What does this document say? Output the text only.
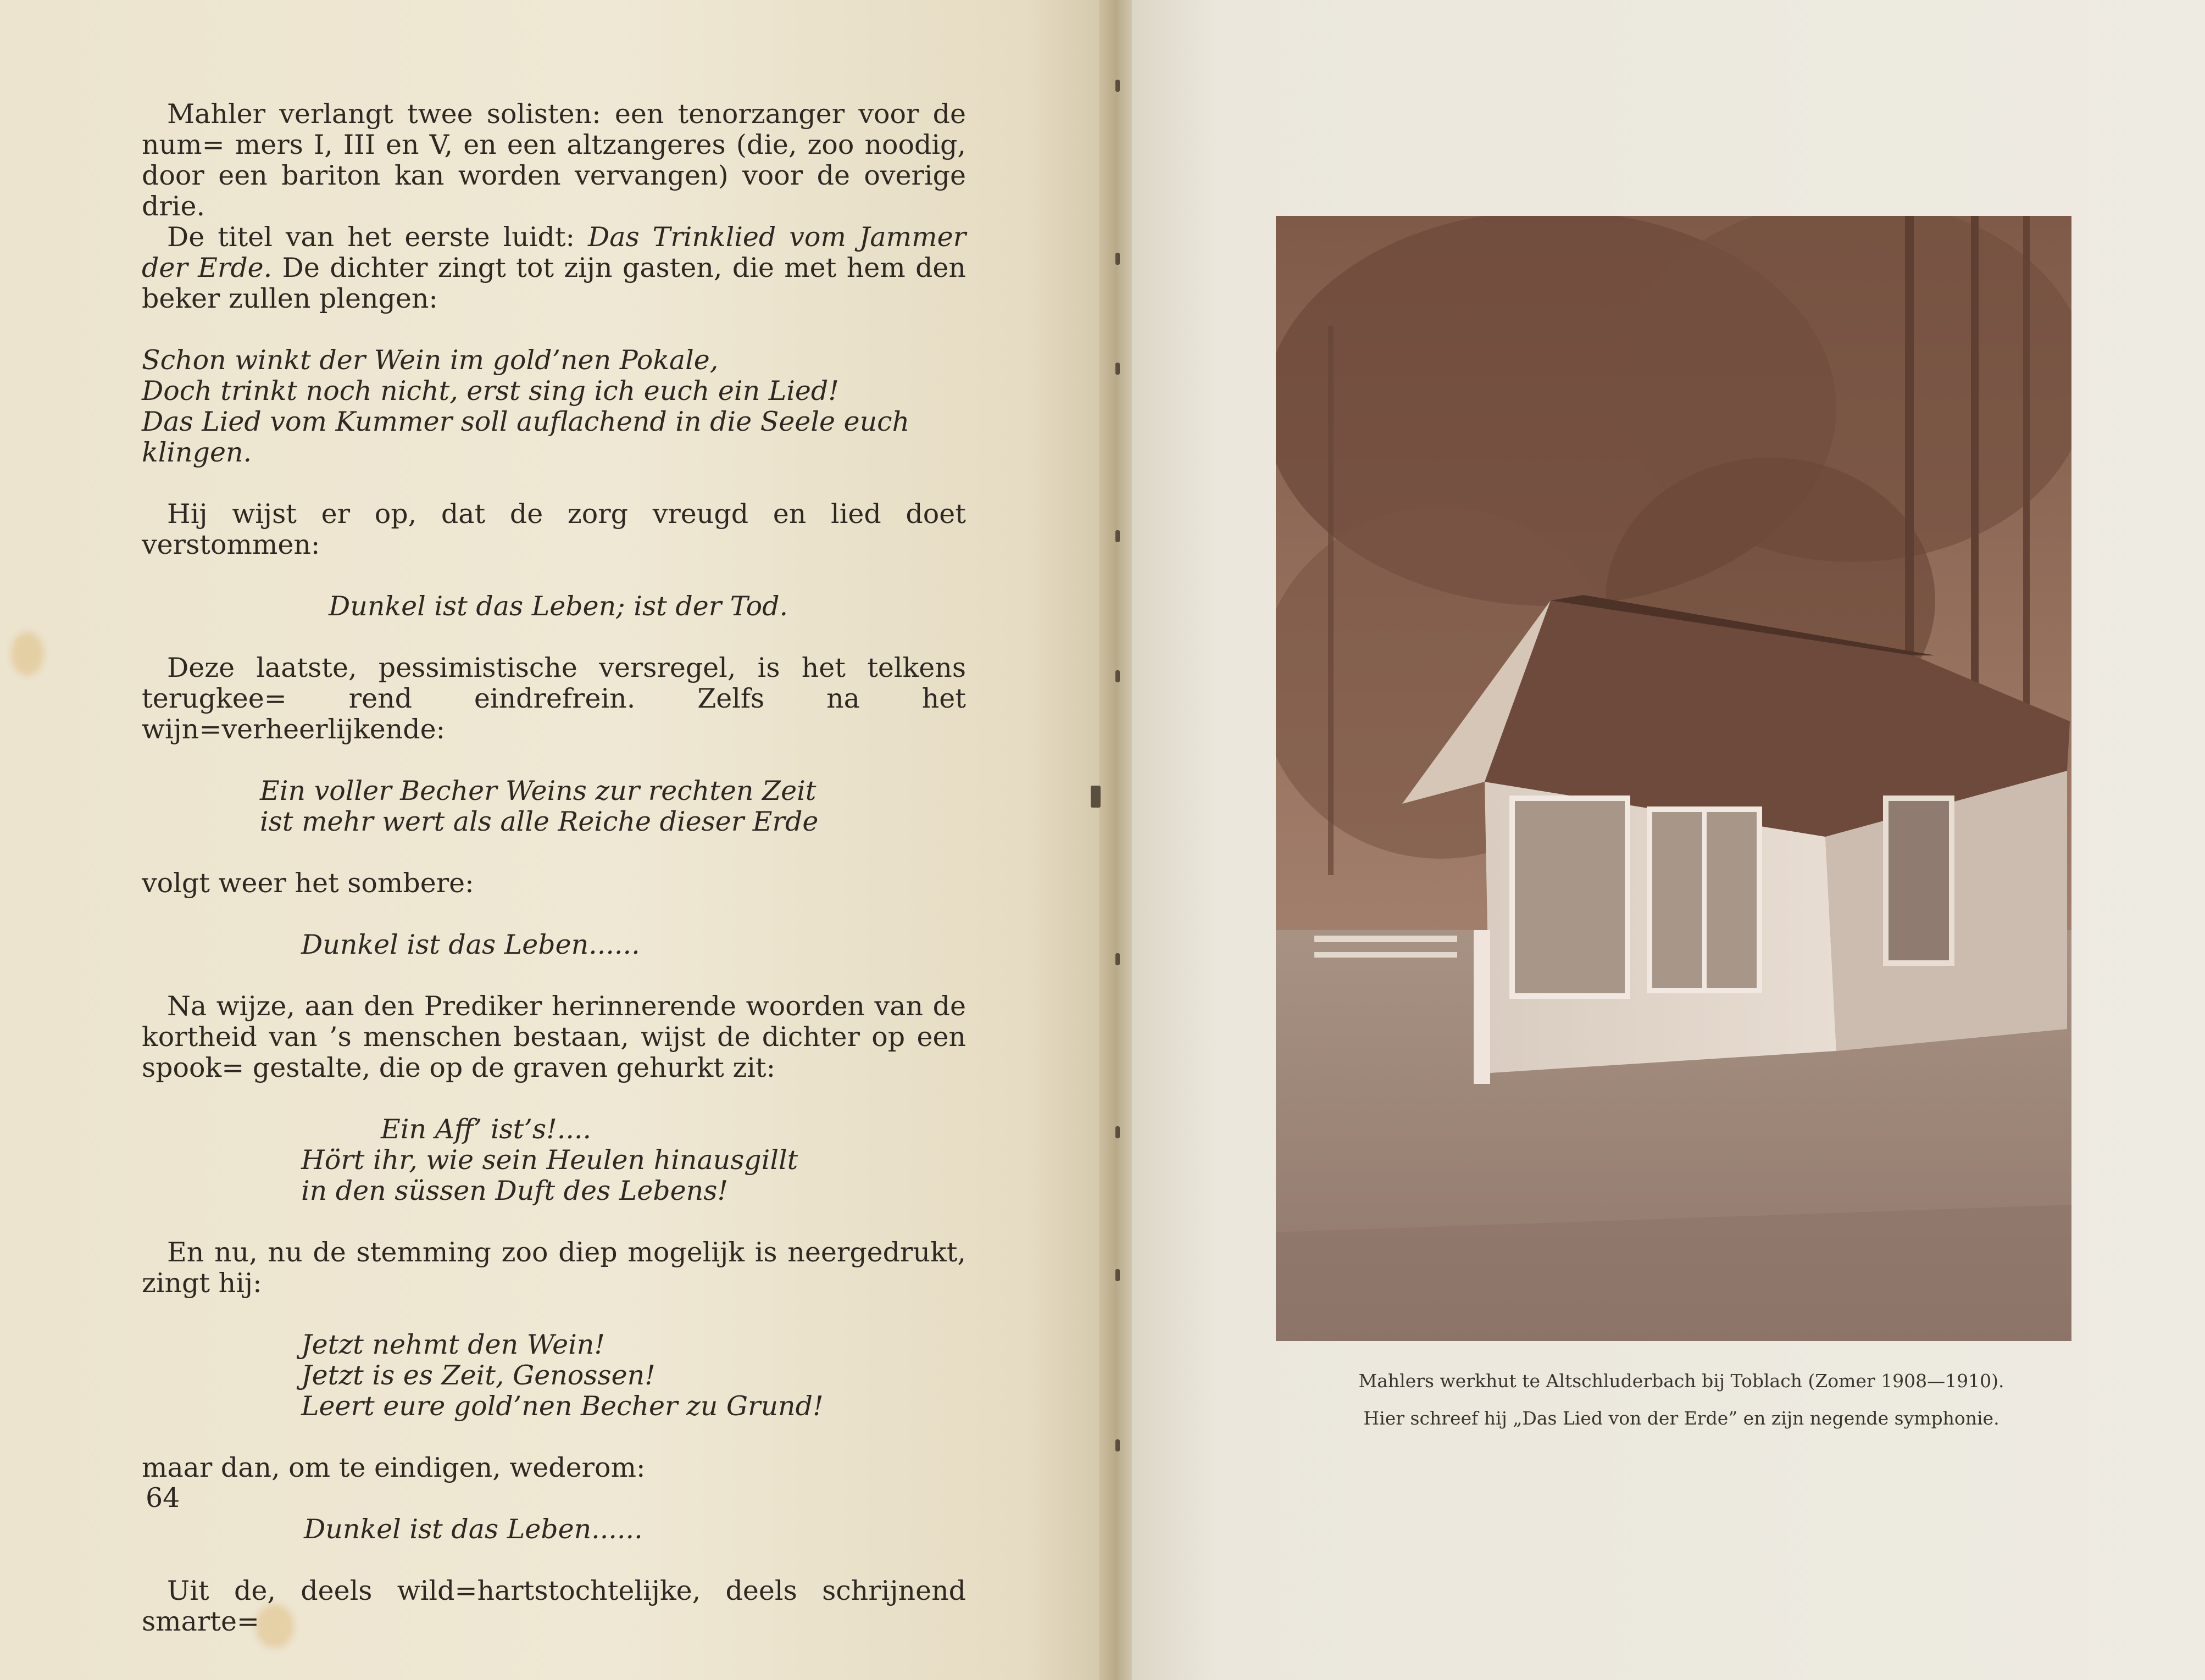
Mahler verlangt twee solisten: een tenorzanger voor de num= mers I, III en V, en een altzangeres (die, zoo noodig, door een bariton kan worden vervangen) voor de overige drie.

De titel van het eerste luidt: Das Trinklied vom Jammer der Erde. De dichter zingt tot zijn gasten, die met hem den beker zullen plengen:

Schon winkt der Wein im gold’nen Pokale,

Doch trinkt noch nicht, erst sing ich euch ein Lied!

Das Lied vom Kummer soll auflachend in die Seele euch klingen.

Hij wijst er op, dat de zorg vreugd en lied doet verstommen:

Dunkel ist das Leben; ist der Tod.

Deze laatste, pessimistische versregel, is het telkens terugkee= rend eindrefrein. Zelfs na het wijn=verheerlijkende:

Ein voller Becher Weins zur rechten Zeit

ist mehr wert als alle Reiche dieser Erde

volgt weer het sombere:

Dunkel ist das Leben......

Na wijze, aan den Prediker herinnerende woorden van de kortheid van ’s menschen bestaan, wijst de dichter op een spook= gestalte, die op de graven gehurkt zit:

Ein Aff’ ist’s!....

Hört ihr, wie sein Heulen hinausgillt

in den süssen Duft des Lebens!

En nu, nu de stemming zoo diep mogelijk is neergedrukt, zingt hij:

Jetzt nehmt den Wein!

Jetzt is es Zeit, Genossen!

Leert eure gold’nen Becher zu Grund!

maar dan, om te eindigen, wederom:

Dunkel ist das Leben......

Uit de, deels wild=hartstochtelijke, deels schrijnend smarte=

64
Mahlers werkhut te Altschluderbach bij Toblach (Zomer 1908—1910).
Hier schreef hij „Das Lied von der Erde” en zijn negende symphonie.
